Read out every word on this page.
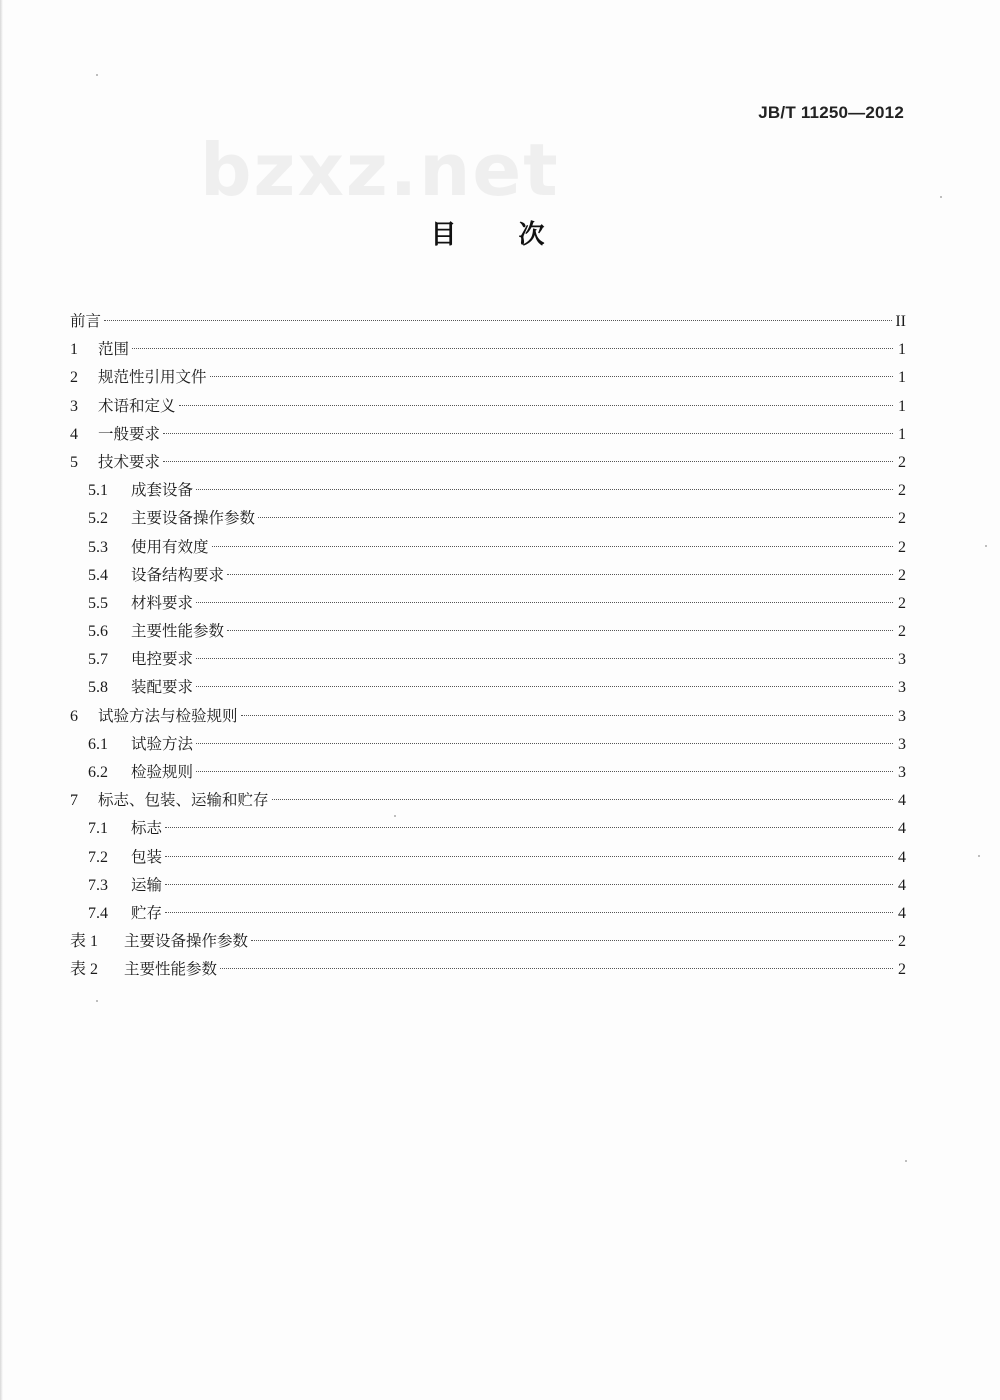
bzxz.net
JB/T 11250—2012
目次
前言	II
1	范围	1
2	规范性引用文件	1
3	术语和定义	1
4	一般要求	1
5	技术要求	2
5.1	成套设备	2
5.2	主要设备操作参数	2
5.3	使用有效度	2
5.4	设备结构要求	2
5.5	材料要求	2
5.6	主要性能参数	2
5.7	电控要求	3
5.8	装配要求	3
6	试验方法与检验规则	3
6.1	试验方法	3
6.2	检验规则	3
7	标志、包装、运输和贮存	4
7.1	标志	4
7.2	包装	4
7.3	运输	4
7.4	贮存	4
表 1	主要设备操作参数	2
表 2	主要性能参数	2
